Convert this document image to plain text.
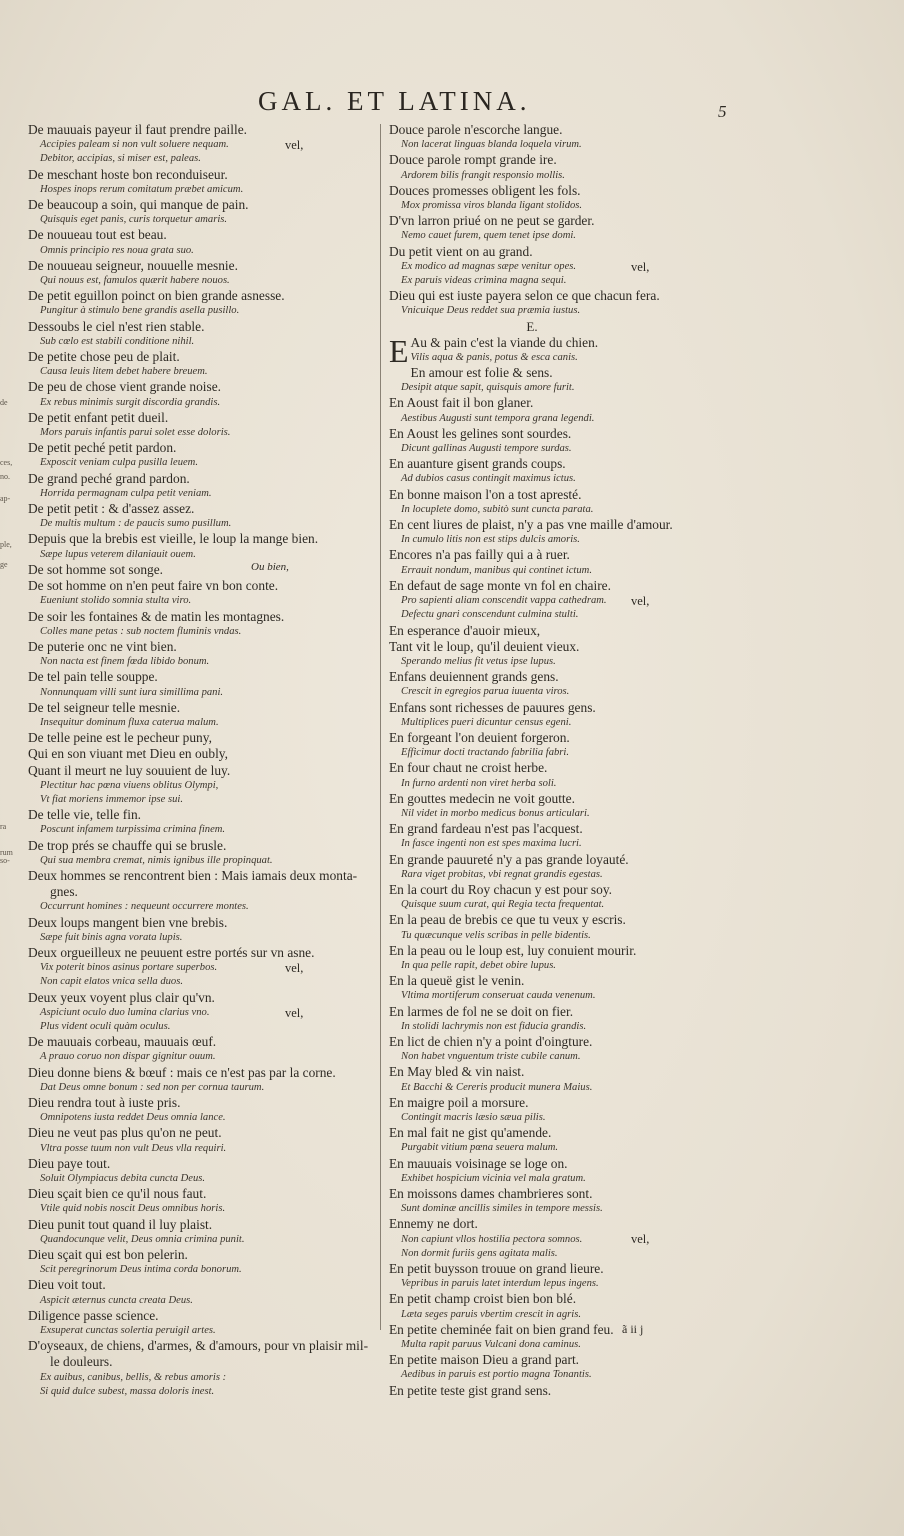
GAL. ET LATINA.	5
De mauuais payeur il faut prendre paille.
Accipies paleam si non vult soluere nequam.	vel,
Debitor, accipias, si miser est, paleas.
De meschant hoste bon reconduiseur.
Hospes inops rerum comitatum præbet amicum.
De beaucoup a soin, qui manque de pain.
Quisquis eget panis, curis torquetur amaris.
De nouueau tout est beau.
Omnis principio res noua grata suo.
De nouueau seigneur, nouuelle mesnie.
Qui nouus est, famulos quærit habere nouos.
De petit eguillon poinct on bien grande asnesse.
Pungitur à stimulo bene grandis asella pusillo.
Dessoubs le ciel n'est rien stable.
Sub cœlo est stabili conditione nihil.
De petite chose peu de plait.
Causa leuis litem debet habere breuem.
De peu de chose vient grande noise.
Ex rebus minimis surgit discordia grandis.
De petit enfant petit dueil.
Mors paruis infantis parui solet esse doloris.
De petit peché petit pardon.
Exposcit veniam culpa pusilla leuem.
De grand peché grand pardon.
Horrida permagnam culpa petit veniam.
De petit petit : & d'assez assez.
De multis multum : de paucis sumo pusillum.
Depuis que la brebis est vieille, le loup la mange bien.
Sæpe lupus veterem dilaniauit ouem.
De sot homme sot songe.	Ou bien,
De sot homme on n'en peut faire vn bon conte.
Eueniunt stolido somnia stulta viro.
De soir les fontaines & de matin les montagnes.
Colles mane petas : sub noctem fluminis vndas.
De puterie onc ne vint bien.
Non nacta est finem fœda libido bonum.
De tel pain telle souppe.
Nonnunquam villi sunt iura simillima pani.
De tel seigneur telle mesnie.
Insequitur dominum fluxa caterua malum.
De telle peine est le pecheur puny,
Qui en son viuant met Dieu en oubly,
Quant il meurt ne luy souuient de luy.
Plectitur hac pœna viuens oblitus Olympi,
Vt fiat moriens immemor ipse sui.
De telle vie, telle fin.
Poscunt infamem turpissima crimina finem.
De trop prés se chauffe qui se brusle.
Qui sua membra cremat, nimis ignibus ille propinquat.
Deux hommes se rencontrent bien : Mais iamais deux monta-
gnes.
Occurrunt homines : nequeunt occurrere montes.
Deux loups mangent bien vne brebis.
Sæpe fuit binis agna vorata lupis.
Deux orgueilleux ne peuuent estre portés sur vn asne.
Vix poterit binos asinus portare superbos.	vel,
Non capit elatos vnica sella duos.
Deux yeux voyent plus clair qu'vn.
Aspiciunt oculo duo lumina clarius vno.	vel,
Plus vident oculi quàm oculus.
De mauuais corbeau, mauuais œuf.
A prauo coruo non dispar gignitur ouum.
Dieu donne biens & bœuf : mais ce n'est pas par la corne.
Dat Deus omne bonum : sed non per cornua taurum.
Dieu rendra tout à iuste pris.
Omnipotens iusta reddet Deus omnia lance.
Dieu ne veut pas plus qu'on ne peut.
Vltra posse tuum non vult Deus vlla requiri.
Dieu paye tout.
Soluit Olympiacus debita cuncta Deus.
Dieu sçait bien ce qu'il nous faut.
Vtile quid nobis noscit Deus omnibus horis.
Dieu punit tout quand il luy plaist.
Quandocunque velit, Deus omnia crimina punit.
Dieu sçait qui est bon pelerin.
Scit peregrinorum Deus intima corda bonorum.
Dieu voit tout.
Aspicit æternus cuncta creata Deus.
Diligence passe science.
Exsuperat cunctas solertia peruigil artes.
D'oyseaux, de chiens, d'armes, & d'amours, pour vn plaisir mil-
le douleurs.
Ex auibus, canibus, bellis, & rebus amoris :
Si quid dulce subest, massa doloris inest.
Douce parole n'escorche langue.
Non lacerat linguas blanda loquela virum.
Douce parole rompt grande ire.
Ardorem bilis frangit responsio mollis.
Douces promesses obligent les fols.
Mox promissa viros blanda ligant stolidos.
D'vn larron priué on ne peut se garder.
Nemo cauet furem, quem tenet ipse domi.
Du petit vient on au grand.
Ex modico ad magnas sæpe venitur opes.	vel,
Ex paruis videas crimina magna sequi.
Dieu qui est iuste payera selon ce que chacun fera.
Vnicuique Deus reddet sua præmia iustus.
E.
E Au & pain c'est la viande du chien.
Vilis aqua & panis, potus & esca canis.
En amour est folie & sens.
Desipit atque sapit, quisquis amore furit.
En Aoust fait il bon glaner.
Aestibus Augusti sunt tempora grana legendi.
En Aoust les gelines sont sourdes.
Dicunt gallinas Augusti tempore surdas.
En auanture gisent grands coups.
Ad dubios casus contingit maximus ictus.
En bonne maison l'on a tost apresté.
In locuplete domo, subitò sunt cuncta parata.
En cent liures de plaist, n'y a pas vne maille d'amour.
In cumulo litis non est stips dulcis amoris.
Encores n'a pas failly qui a à ruer.
Errauit nondum, manibus qui continet ictum.
En defaut de sage monte vn fol en chaire.
Pro sapienti aliam conscendit vappa cathedram.	vel,
Defectu gnari conscendunt culmina stulti.
En esperance d'auoir mieux,
Tant vit le loup, qu'il deuient vieux.
Sperando melius fit vetus ipse lupus.
Enfans deuiennent grands gens.
Crescit in egregios parua iuuenta viros.
Enfans sont richesses de pauures gens.
Multiplices pueri dicuntur census egeni.
En forgeant l'on deuient forgeron.
Efficimur docti tractando fabrilia fabri.
En four chaut ne croist herbe.
In furno ardenti non viret herba soli.
En gouttes medecin ne voit goutte.
Nil videt in morbo medicus bonus articulari.
En grand fardeau n'est pas l'acquest.
In fasce ingenti non est spes maxima lucri.
En grande pauureté n'y a pas grande loyauté.
Rara viget probitas, vbi regnat grandis egestas.
En la court du Roy chacun y est pour soy.
Quisque suum curat, qui Regia tecta frequentat.
En la peau de brebis ce que tu veux y escris.
Tu quæcunque velis scribas in pelle bidentis.
En la peau ou le loup est, luy conuient mourir.
In qua pelle rapit, debet obire lupus.
En la queuë gist le venin.
Vltima mortiferum conseruat cauda venenum.
En larmes de fol ne se doit on fier.
In stolidi lachrymis non est fiducia grandis.
En lict de chien n'y a point d'oingture.
Non habet vnguentum triste cubile canum.
En May bled & vin naist.
Et Bacchi & Cereris producit munera Maius.
En maigre poil a morsure.
Contingit macris læsio sæua pilis.
En mal fait ne gist qu'amende.
Purgabit vitium pœna seuera malum.
En mauuais voisinage se loge on.
Exhibet hospicium vicinia vel mala gratum.
En moissons dames chambrieres sont.
Sunt dominæ ancillis similes in tempore messis.
Ennemy ne dort.
Non capiunt vllos hostilia pectora somnos.	vel,
Non dormit furiis gens agitata malis.
En petit buysson trouue on grand lieure.
Vepribus in paruis latet interdum lepus ingens.
En petit champ croist bien bon blé.
Læta seges paruis vbertim crescit in agris.
En petite cheminée fait on bien grand feu.
Multa rapit paruus Vulcani dona caminus.
En petite maison Dieu a grand part.
Aedibus in paruis est portio magna Tonantis.
En petite teste gist grand sens.
de
ces,
no.
ap-
ple,
ge
ra
rum
so-
ã ii j
